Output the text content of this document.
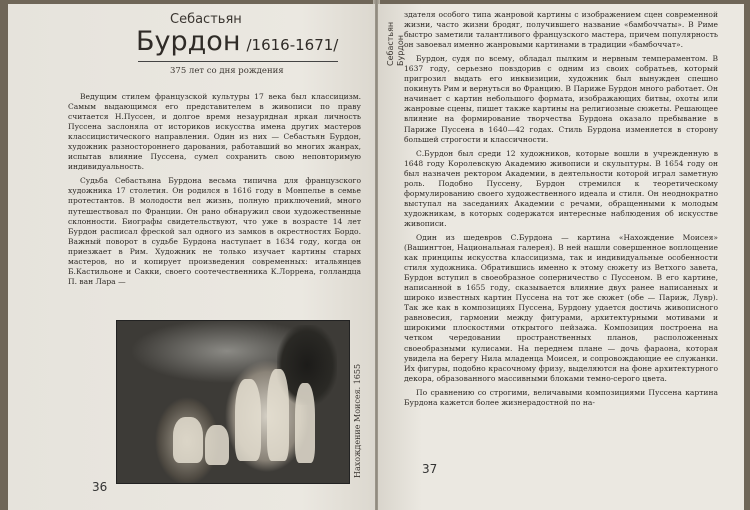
Себастьян
Бурдон /1616-1671/
375 лет со дня рождения

Ведущим стилем французской культуры 17 века был классицизм. Самым выдающимся его представителем в живописи по праву считается Н.Пуссен, и долгое время незаурядная яркая личность Пуссена заслоняла от историков искусства имена других мастеров классицистического направления. Один из них — Себастьян Бурдон, художник разностороннего дарования, работавший во многих жанрах, испытав влияние Пуссена, сумел сохранить свою неповторимую индивидуальность.

Судьба Себастьяна Бурдона весьма типична для французского художника 17 столетия. Он родился в 1616 году в Монпелье в семье протестантов. В молодости вел жизнь, полную приключений, много путешествовал по Франции. Он рано обнаружил свои художественные склонности. Биографы свидетельствуют, что уже в возрасте 14 лет Бурдон расписал фреской зал одного из замков в окрестностях Бордо. Важный поворот в судьбе Бурдона наступает в 1634 году, когда он приезжает в Рим. Художник не только изучает картины старых мастеров, но и копирует произведения современных: итальянцев Б.Кастильоне и Сакки, своего соотечественника К.Лоррена, голландца П. ван Лара —

Нахождение Моисея. 1655
36
Себастьян Бурдон

здателя особого типа жанровой картины с изображением сцен современной жизни, часто жизни бродяг, получившего название «бамбоччаты». В Риме быстро заметили талантливого французского мастера, причем популярность он завоевал именно жанровыми картинами в традиции «бамбоччат».

Бурдон, судя по всему, обладал пылким и нервным темпераментом. В 1637 году, серьезно повздорив с одним из своих собратьев, который пригрозил выдать его инквизиции, художник был вынужден спешно покинуть Рим и вернуться во Францию. В Париже Бурдон много работает. Он начинает с картин небольшого формата, изображающих битвы, охоты или жанровые сцены, пишет также картины на религиозные сюжеты. Решающее влияние на формирование творчества Бурдона оказало пребывание в Париже Пуссена в 1640—42 годах. Стиль Бурдона изменяется в сторону большей строгости и классичности.

С.Бурдон был среди 12 художников, которые вошли в учрежденную в 1648 году Королевскую Академию живописи и скульптуры. В 1654 году он был назначен ректором Академии, в деятельности которой играл заметную роль. Подобно Пуссену, Бурдон стремился к теоретическому формулированию своего художественного идеала и стиля. Он неоднократно выступал на заседаниях Академии с речами, обращенными к молодым художникам, в которых содержатся интересные наблюдения об искусстве живописи.

Один из шедевров С.Бурдона — картина «Нахождение Моисея» (Вашингтон, Национальная галерея). В ней нашли совершенное воплощение как принципы искусства классицизма, так и индивидуальные особенности стиля художника. Обратившись именно к этому сюжету из Ветхого завета, Бурдон вступил в своеобразное соперничество с Пуссеном. В его картине, написанной в 1655 году, сказывается влияние двух ранее написанных и широко известных картин Пуссена на тот же сюжет (обе — Париж, Лувр). Так же как в композициях Пуссена, Бурдону удается достичь живописного равновесия, гармонии между фигурами, архитектурными мотивами и широкими плоскостями открытого пейзажа. Композиция построена на четком чередовании пространственных планов, расположенных своеобразными кулисами. На переднем плане — дочь фараона, которая увидела на берегу Нила младенца Моисея, и сопровождающие ее служанки. Их фигуры, подобно красочному фризу, выделяются на фоне архитектурного декора, образованного массивными блоками темно-серого цвета.

По сравнению со строгими, величавыми композициями Пуссена картина Бурдона кажется более жизнерадостной по на-

37
